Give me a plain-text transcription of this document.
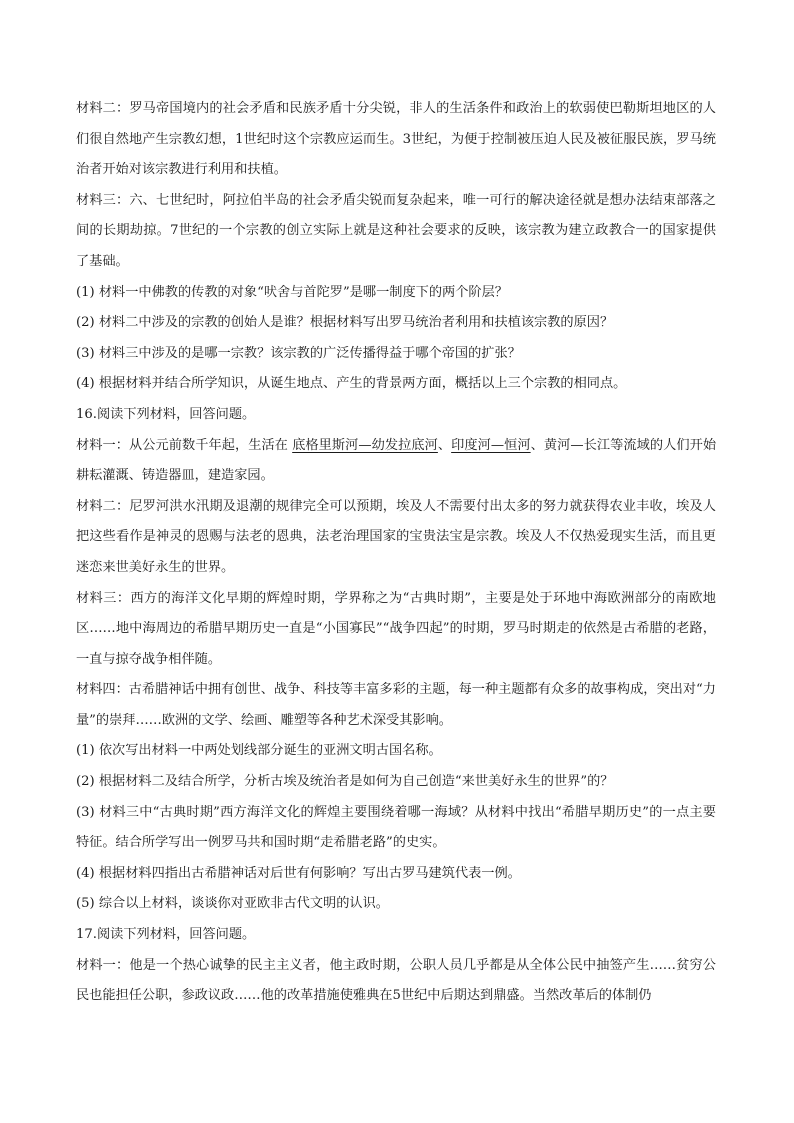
材料二：罗马帝国境内的社会矛盾和民族矛盾十分尖锐，非人的生活条件和政治上的软弱使巴勒斯坦地区的人们很自然地产生宗教幻想，1世纪时这个宗教应运而生。3世纪，为便于控制被压迫人民及被征服民族，罗马统治者开始对该宗教进行利用和扶植。

材料三：六、七世纪时，阿拉伯半岛的社会矛盾尖锐而复杂起来，唯一可行的解决途径就是想办法结束部落之间的长期劫掠。7世纪的一个宗教的创立实际上就是这种社会要求的反映，该宗教为建立政教合一的国家提供了基础。

(1) 材料一中佛教的传教的对象“吠舍与首陀罗”是哪一制度下的两个阶层？

(2) 材料二中涉及的宗教的创始人是谁？根据材料写出罗马统治者利用和扶植该宗教的原因？

(3) 材料三中涉及的是哪一宗教？该宗教的广泛传播得益于哪个帝国的扩张？

(4) 根据材料并结合所学知识，从诞生地点、产生的背景两方面，概括以上三个宗教的相同点。

16.阅读下列材料，回答问题。

材料一：从公元前数千年起，生活在 底格里斯河—幼发拉底河、印度河—恒河、黄河—长江等流域的人们开始耕耘灌溉、铸造器皿，建造家园。

材料二：尼罗河洪水汛期及退潮的规律完全可以预期，埃及人不需要付出太多的努力就获得农业丰收，埃及人把这些看作是神灵的恩赐与法老的恩典，法老治理国家的宝贵法宝是宗教。埃及人不仅热爱现实生活，而且更迷恋来世美好永生的世界。

材料三：西方的海洋文化早期的辉煌时期，学界称之为“古典时期”，主要是处于环地中海欧洲部分的南欧地区……地中海周边的希腊早期历史一直是“小国寡民”“战争四起”的时期，罗马时期走的依然是古希腊的老路，一直与掠夺战争相伴随。

材料四：古希腊神话中拥有创世、战争、科技等丰富多彩的主题，每一种主题都有众多的故事构成，突出对“力量”的崇拜……欧洲的文学、绘画、雕塑等各种艺术深受其影响。

(1) 依次写出材料一中两处划线部分诞生的亚洲文明古国名称。

(2) 根据材料二及结合所学，分析古埃及统治者是如何为自己创造“来世美好永生的世界”的？

(3) 材料三中“古典时期”西方海洋文化的辉煌主要围绕着哪一海域？从材料中找出“希腊早期历史”的一点主要特征。结合所学写出一例罗马共和国时期“走希腊老路”的史实。

(4) 根据材料四指出古希腊神话对后世有何影响？写出古罗马建筑代表一例。

(5) 综合以上材料，谈谈你对亚欧非古代文明的认识。

17.阅读下列材料，回答问题。

材料一：他是一个热心诚挚的民主主义者，他主政时期，公职人员几乎都是从全体公民中抽签产生……贫穷公民也能担任公职，参政议政……他的改革措施使雅典在5世纪中后期达到鼎盛。当然改革后的体制仍
